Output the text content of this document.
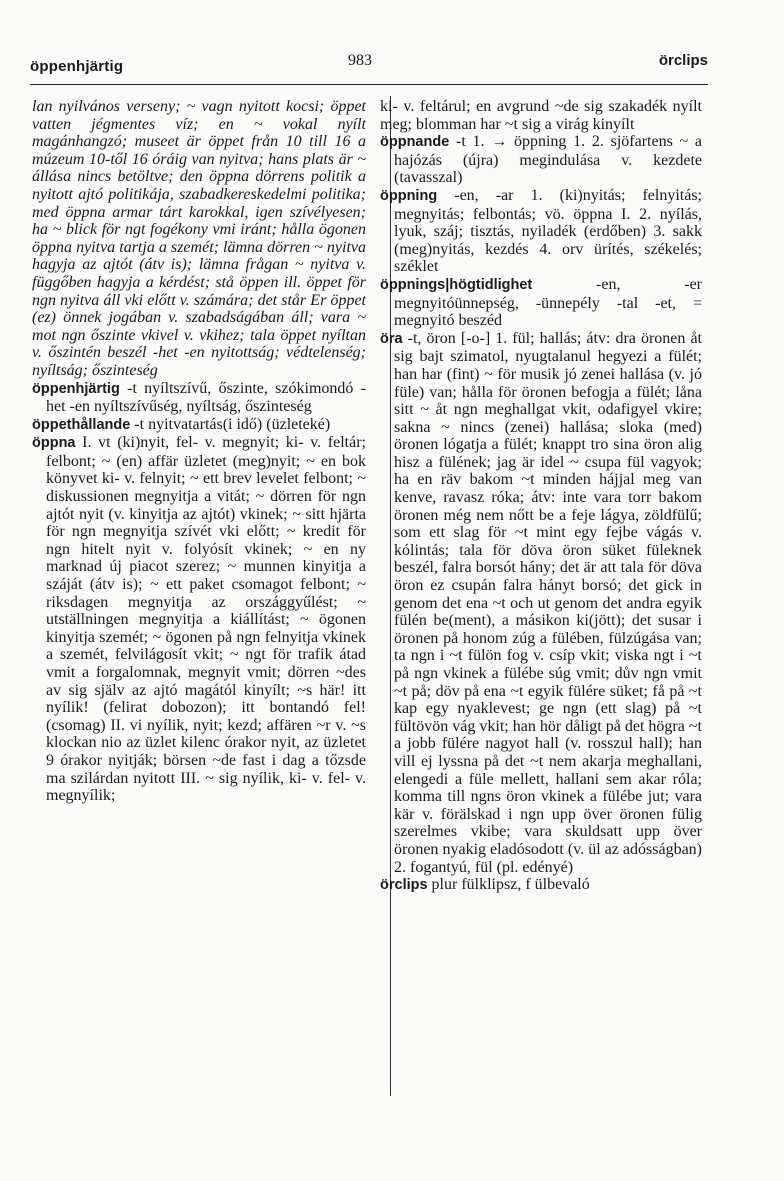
öppenhjärtig	983	örclips

lan nyilvános verseny; ~ vagn nyitott kocsi; öppet vatten jégmentes víz; en ~ vokal nyílt magánhangzó; museet är öppet från 10 till 16 a múzeum 10-től 16 óráig van nyitva; hans plats är ~ állása nincs betöltve; den öppna dörrens politik a nyitott ajtó politikája, szabadkereskedelmi politika; med öppna armar tárt karokkal, igen szívélyesen; ha ~ blick för ngt fogékony vmi iránt; hålla ögonen öppna nyitva tartja a szemét; lämna dörren ~ nyitva hagyja az ajtót (átv is); lämna frågan ~ nyitva v. függőben hagyja a kérdést; stå öppen ill. öppet för ngn nyitva áll vki előtt v. számára; det står Er öppet (ez) önnek jogában v. szabadságában áll; vara ~ mot ngn őszinte vkivel v. vkihez; tala öppet nyíltan v. őszintén beszél -het -en nyitottság; védtelenség; nyíltság; őszinteség

öppenhjärtig -t nyíltszívű, őszinte, szókimondó -het -en nyíltszívűség, nyíltság, őszinteség

öppethållande -t nyitvatartás(i idő) (üzleteké)

öppna I. vt (ki)nyit, fel- v. megnyit; ki- v. feltár; felbont; ~ (en) affär üzletet (meg)nyit; ~ en bok könyvet ki- v. felnyit; ~ ett brev levelet felbont; ~ diskussionen megnyitja a vitát; ~ dörren för ngn ajtót nyit (v. kinyitja az ajtót) vkinek; ~ sitt hjärta för ngn megnyitja szívét vki előtt; ~ kredit för ngn hitelt nyit v. folyósít vkinek; ~ en ny marknad új piacot szerez; ~ munnen kinyitja a száját (átv is); ~ ett paket csomagot felbont; ~ riksdagen megnyitja az országgyűlést; ~ utställningen megnyitja a kiállítást; ~ ögonen kinyitja szemét; ~ ögonen på ngn felnyitja vkinek a szemét, felvilágosít vkit; ~ ngt för trafik átad vmit a forgalomnak, megnyit vmit; dörren ~des av sig själv az ajtó magától kinyílt; ~s här! itt nyílik! (felirat dobozon); itt bontandó fel! (csomag) II. vi nyílik, nyit; kezd; affären ~r v. ~s klockan nio az üzlet kilenc órakor nyit, az üzletet 9 órakor nyitják; börsen ~de fast i dag a tőzsde ma szilárdan nyitott III. ~ sig nyílik, ki- v. fel- v. megnyílik;

ki- v. feltárul; en avgrund ~de sig szakadék nyílt meg; blomman har ~t sig a virág kinyílt

öppnande -t 1. → öppning 1. 2. sjöfartens ~ a hajózás (újra) megindulása v. kezdete (tavasszal)

öppning -en, -ar 1. (ki)nyitás; felnyitás; megnyitás; felbontás; vö. öppna I. 2. nyílás, lyuk, száj; tisztás, nyiladék (erdőben) 3. sakk (meg)nyitás, kezdés 4. orv ürítés, székelés; széklet

öppnings|högtidlighet	-en, -er megnyitóünnepség, -ünnepély -tal -et, = megnyitó beszéd

öra -t, öron [-o-] 1. fül; hallás; átv: dra öronen åt sig bajt szimatol, nyugtalanul hegyezi a fülét; han har (fint) ~ för musik jó zenei hallása (v. jó füle) van; hålla för öronen befogja a fülét; låna sitt ~ åt ngn meghallgat vkit, odafigyel vkire; sakna ~ nincs (zenei) hallása; sloka (med) öronen lógatja a fülét; knappt tro sina öron alig hisz a fülének; jag är idel ~ csupa fül vagyok; ha en räv bakom ~t minden hájjal meg van kenve, ravasz róka; átv: inte vara torr bakom öronen még nem nőtt be a feje lágya, zöldfülű; som ett slag för ~t mint egy fejbe vágás v. kólintás; tala för döva öron süket füleknek beszél, falra borsót hány; det är att tala för döva öron ez csupán falra hányt borsó; det gick in genom det ena ~t och ut genom det andra egyik fülén be(ment), a másikon ki(jött); det susar i öronen på honom zúg a fülében, fülzúgása van; ta ngn i ~t fülön fog v. csíp vkit; viska ngt i ~t på ngn vkinek a fülébe súg vmit; dův ngn vmit ~t på; döv på ena ~t egyik fülére süket; få på ~t kap egy nyaklevest; ge ngn (ett slag) på ~t fültövön vág vkit; han hör dåligt på det högra ~t a jobb fülére nagyot hall (v. rosszul hall); han vill ej lyssna på det ~t nem akarja meghallani, elengedi a füle mellett, hallani sem akar róla; komma till ngns öron vkinek a fülébe jut; vara kär v. förälskad i ngn upp över öronen fülig szerelmes vkibe; vara skuldsatt upp över öronen nyakig eladósodott (v. ül az adósságban) 2. fogantyú, fül (pl. edényé)

örclips plur fülklipsz, f ülbevaló
